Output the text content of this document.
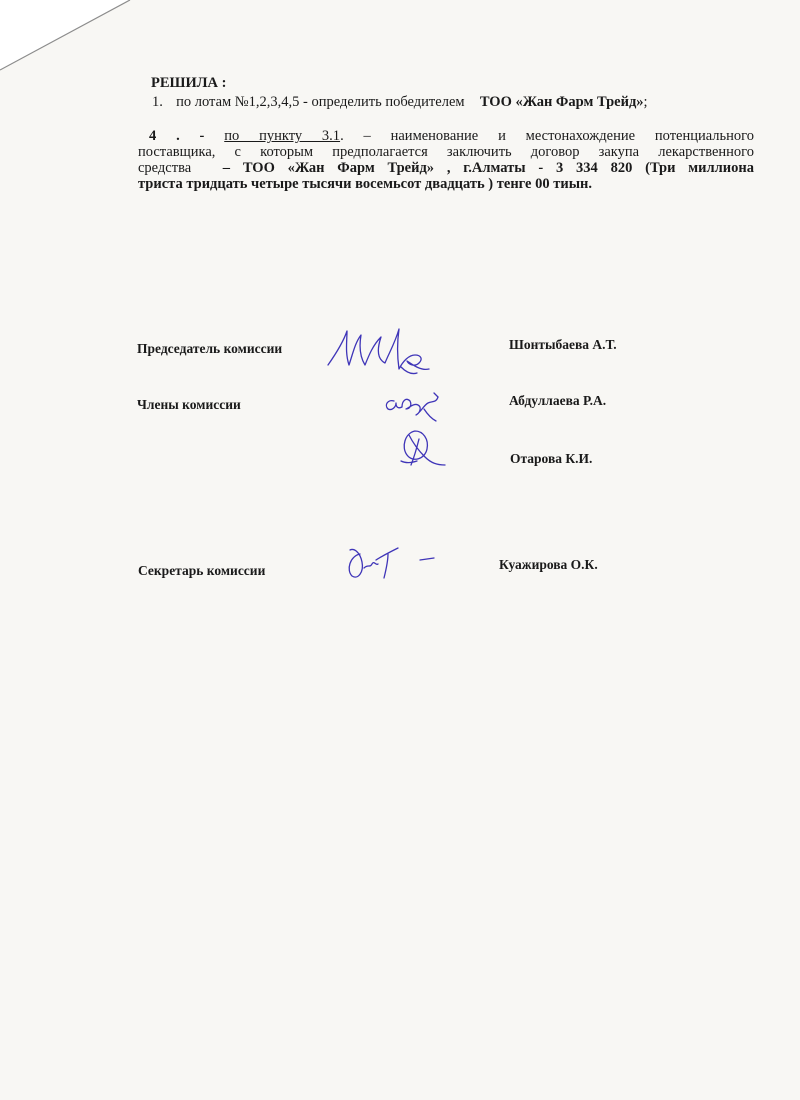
РЕШИЛА :
1. по лотам №1,2,3,4,5 - определить победителем ТОО «Жан Фарм Трейд»;
4 . - по пункту 3.1. – наименование и местонахождение потенциального
поставщика, с которым предполагается заключить договор закупа лекарственного
средства – ТОО «Жан Фарм Трейд» , г.Алматы - 3 334 820 (Три миллиона
триста тридцать четыре тысячи восемьсот двадцать ) тенге 00 тиын.
Председатель комиссии	Шонтыбаева А.Т.
Члены комиссии	Абдуллаева Р.А.
Отарова К.И.
Секретарь комиссии	Куажирова О.К.
